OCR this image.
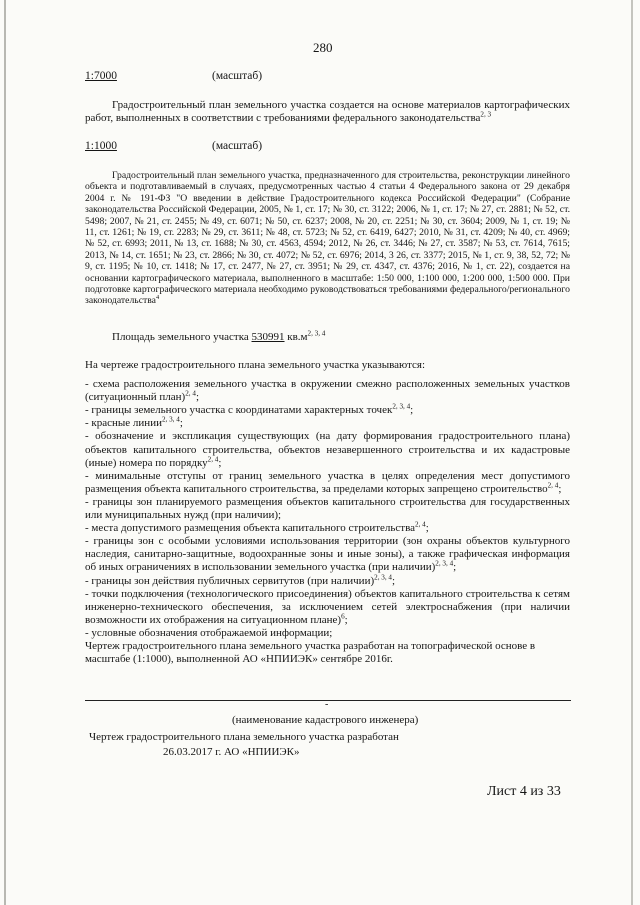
280
1:7000	(масштаб)
Градостроительный план земельного участка создается на основе материалов картографических работ, выполненных в соответствии с требованиями федерального законодательства$^{2, 3}$
1:1000	(масштаб)
Градостроительный план земельного участка, предназначенного для строительства, реконструкции линейного объекта и подготавливаемый в случаях, предусмотренных частью 4 статьи 4 Федерального закона от 29 декабря 2004 г. № 191-ФЗ "О введении в действие Градостроительного кодекса Российской Федерации" (Собрание законодательства Российской Федерации, 2005, № 1, ст. 17; № 30, ст. 3122; 2006, № 1, ст. 17; № 27, ст. 2881; № 52, ст. 5498; 2007, № 21, ст. 2455; № 49, ст. 6071; № 50, ст. 6237; 2008, № 20, ст. 2251; № 30, ст. 3604; 2009, № 1, ст. 19; № 11, ст. 1261; № 19, ст. 2283; № 29, ст. 3611; № 48, ст. 5723; № 52, ст. 6419, 6427; 2010, № 31, ст. 4209; № 40, ст. 4969; № 52, ст. 6993; 2011, № 13, ст. 1688; № 30, ст. 4563, 4594; 2012, № 26, ст. 3446; № 27, ст. 3587; № 53, ст. 7614, 7615; 2013, № 14, ст. 1651; № 23, ст. 2866; № 30, ст. 4072; № 52, ст. 6976; 2014, 3 26, ст. 3377; 2015, № 1, ст. 9, 38, 52, 72; № 9, ст. 1195; № 10, ст. 1418; № 17, ст. 2477, № 27, ст. 3951; № 29, ст. 4347, ст. 4376; 2016, № 1, ст. 22), создается на основании картографического материала, выполненного в масштабе: 1:50 000, 1:100 000, 1:200 000, 1:500 000. При подготовке картографического материала необходимо руководствоваться требованиями федерального/регионального законодательства$^4$
Площадь земельного участка 530991 $кв.м^{2, 3, 4}$
На чертеже градостроительного плана земельного участка указываются:
- схема расположения земельного участка в окружении смежно расположенных земельных участков (ситуационный план)$^{2, 4}$;
- границы земельного участка с координатами характерных точек$^{2, 3, 4}$;
- красные линии$^{2, 3, 4}$;
- обозначение и экспликация существующих (на дату формирования градостроительного плана) объектов капитального строительства, объектов незавершенного строительства и их кадастровые (иные) номера по порядку$^{2, 4}$;
- минимальные отступы от границ земельного участка в целях определения мест допустимого размещения объекта капитального строительства, за пределами которых запрещено строительство$^{2, 4}$;
- границы зон планируемого размещения объектов капитального строительства для государственных или муниципальных нужд (при наличии);
- места допустимого размещения объекта капитального строительства$^{2, 4}$;
- границы зон с особыми условиями использования территории (зон охраны объектов культурного наследия, санитарно-защитные, водоохранные зоны и иные зоны), а также графическая информация об иных ограничениях в использовании земельного участка (при наличии)$^{2, 3, 4}$;
- границы зон действия публичных сервитутов (при наличии)$^{2, 3, 4}$;
- точки подключения (технологического присоединения) объектов капитального строительства к сетям инженерно-технического обеспечения, за исключением сетей электроснабжения (при наличии возможности их отображения на ситуационном плане)$^6$;
- условные обозначения отображаемой информации;
Чертеж градостроительного плана земельного участка разработан на топографической основе в масштабе (1:1000), выполненной АО «НПИИЭК» сентябре 2016г.
-
(наименование кадастрового инженера)
Чертеж градостроительного плана земельного участка разработан
26.03.2017 г. АО «НПИИЭК»
Лист 4 из 33
